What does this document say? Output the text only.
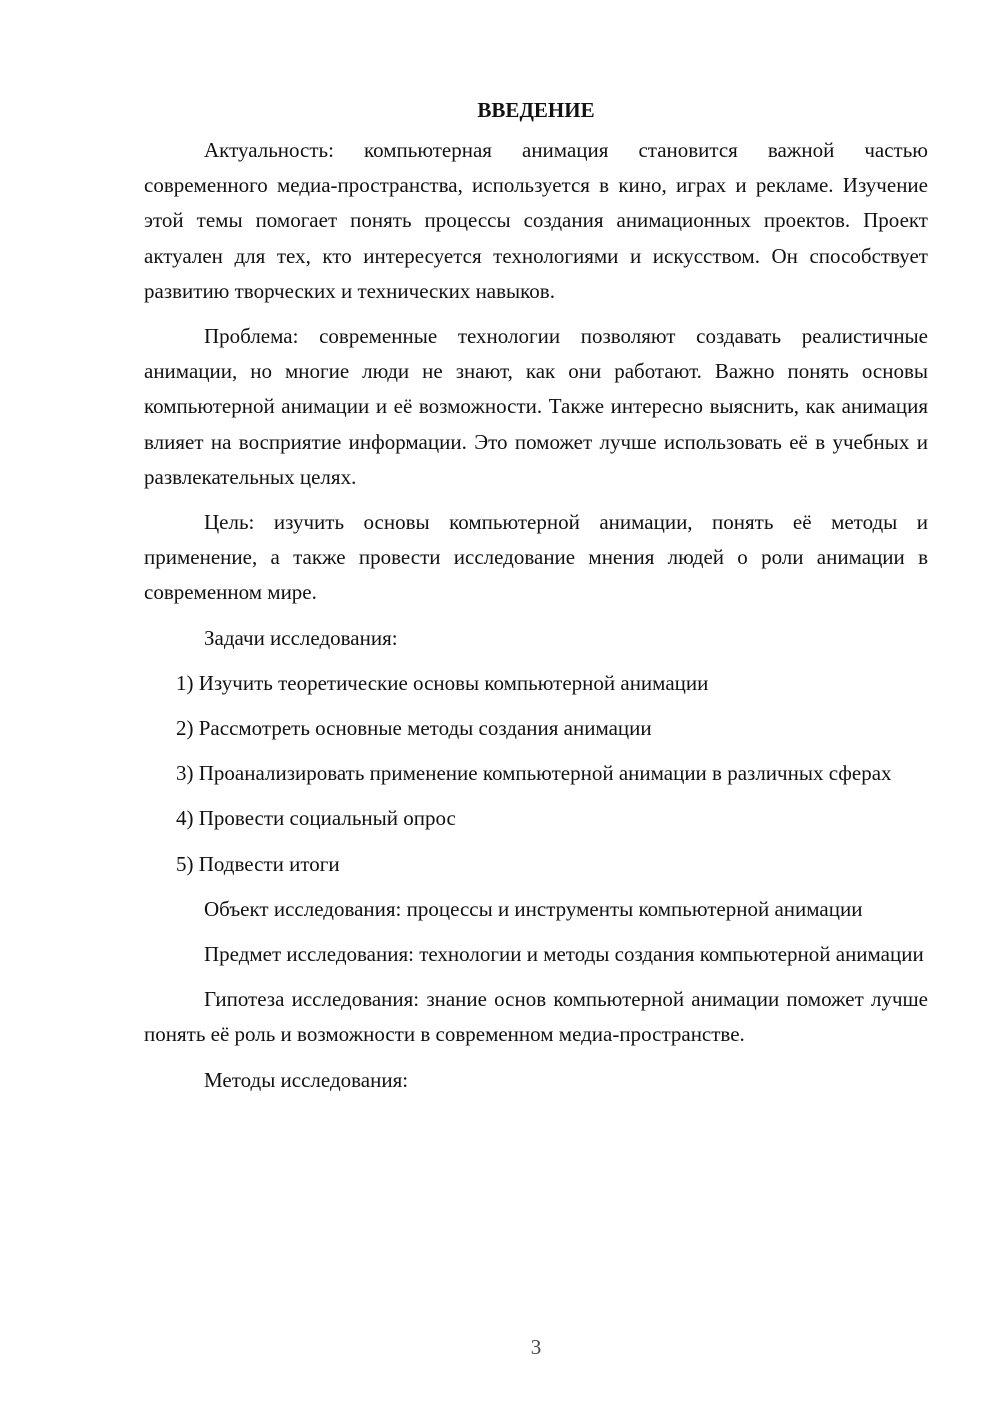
ВВЕДЕНИЕ

Актуальность: компьютерная анимация становится важной частью современного медиа-пространства, используется в кино, играх и рекламе. Изучение этой темы помогает понять процессы создания анимационных проектов. Проект актуален для тех, кто интересуется технологиями и искусством. Он способствует развитию творческих и технических навыков.

Проблема: современные технологии позволяют создавать реалистичные анимации, но многие люди не знают, как они работают. Важно понять основы компьютерной анимации и её возможности. Также интересно выяснить, как анимация влияет на восприятие информации. Это поможет лучше использовать её в учебных и развлекательных целях.

Цель: изучить основы компьютерной анимации, понять её методы и применение, а также провести исследование мнения людей о роли анимации в современном мире.

Задачи исследования:

1) Изучить теоретические основы компьютерной анимации

2) Рассмотреть основные методы создания анимации

3) Проанализировать применение компьютерной анимации в различных сферах

4) Провести социальный опрос

5) Подвести итоги

Объект исследования: процессы и инструменты компьютерной анимации

Предмет исследования: технологии и методы создания компьютерной анимации

Гипотеза исследования: знание основ компьютерной анимации поможет лучше понять её роль и возможности в современном медиа-пространстве.

Методы исследования:

3
